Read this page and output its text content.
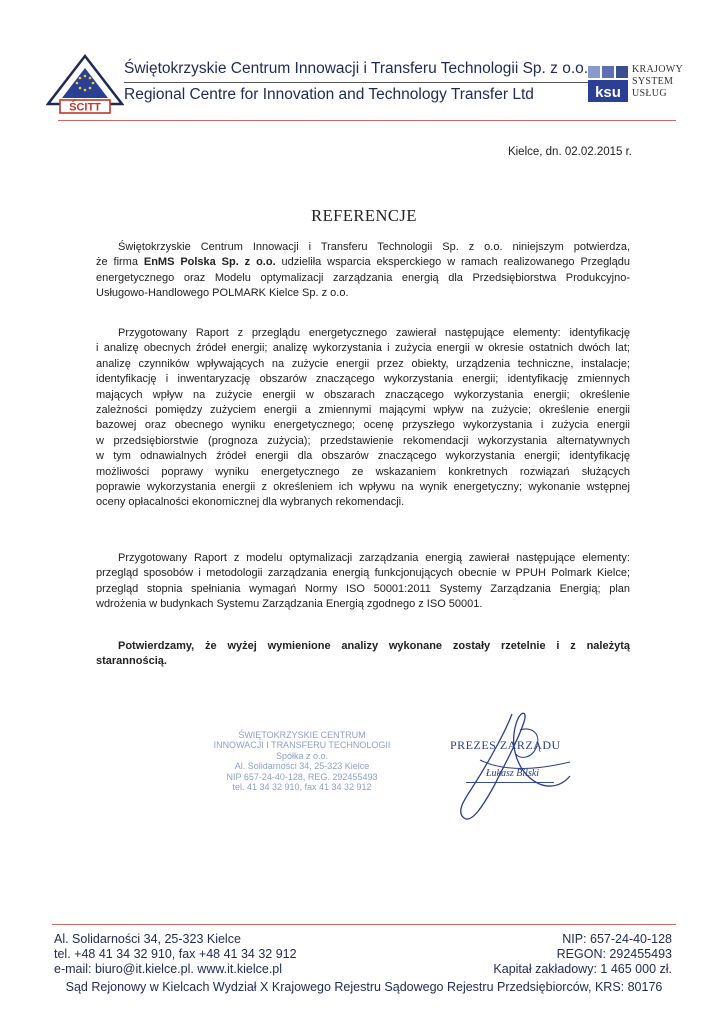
ŚCITT
Świętokrzyskie Centrum Innowacji i Transferu Technologii Sp. z o.o.
Regional Centre for Innovation and Technology Transfer Ltd	ksu
KRAJOWY
SYSTEM
USŁUG
Kielce, dn. 02.02.2015 r.
REFERENCJE
Świętokrzyskie Centrum Innowacji i Transferu Technologii Sp. z o.o. niniejszym potwierdza,
że firma EnMS Polska Sp. z o.o. udzieliła wsparcia eksperckiego w ramach realizowanego Przeglądu
energetycznego oraz Modelu optymalizacji zarządzania energią dla Przedsiębiorstwa Produkcyjno-
Usługowo-Handlowego POLMARK Kielce Sp. z o.o.
Przygotowany Raport z przeglądu energetycznego zawierał następujące elementy: identyfikację
i analizę obecnych źródeł energii; analizę wykorzystania i zużycia energii w okresie ostatnich dwóch lat;
analizę czynników wpływających na zużycie energii przez obiekty, urządzenia techniczne, instalacje;
identyfikację i inwentaryzację obszarów znaczącego wykorzystania energii; identyfikację zmiennych
mających wpływ na zużycie energii w obszarach znaczącego wykorzystania energii; określenie
zależności pomiędzy zużyciem energii a zmiennymi mającymi wpływ na zużycie; określenie energii
bazowej oraz obecnego wyniku energetycznego; ocenę przyszłego wykorzystania i zużycia energii
w przedsiębiorstwie (prognoza zużycia); przedstawienie rekomendacji wykorzystania alternatywnych
w tym odnawialnych źródeł energii dla obszarów znaczącego wykorzystania energii; identyfikację
możliwości poprawy wyniku energetycznego ze wskazaniem konkretnych rozwiązań służących
poprawie wykorzystania energii z określeniem ich wpływu na wynik energetyczny; wykonanie wstępnej
oceny opłacalności ekonomicznej dla wybranych rekomendacji.
Przygotowany Raport z modelu optymalizacji zarządzania energią zawierał następujące elementy:
przegląd sposobów i metodologii zarządzania energią funkcjonujących obecnie w PPUH Polmark Kielce;
przegląd stopnia spełniania wymagań Normy ISO 50001:2011 Systemy Zarządzania Energią; plan
wdrożenia w budynkach Systemu Zarządzania Energią zgodnego z ISO 50001.
Potwierdzamy, że wyżej wymienione analizy wykonane zostały rzetelnie i z należytą
starannością.
ŚWIĘTOKRZYSKIE CENTRUM
INNOWACJI I TRANSFERU TECHNOLOGII
Spółka z o.o.
Al. Solidarności 34, 25-323 Kielce
NIP 657-24-40-128, REG. 292455493
tel. 41 34 32 910, fax 41 34 32 912
PREZES ZARZĄDU
Łukasz Bilski
Al. Solidarności 34, 25-323 Kielce
tel. +48 41 34 32 910, fax +48 41 34 32 912
e-mail: biuro@it.kielce.pl. www.it.kielce.pl
NIP: 657-24-40-128
REGON: 292455493
Kapitał zakładowy: 1 465 000 zł.
Sąd Rejonowy w Kielcach Wydział X Krajowego Rejestru Sądowego Rejestru Przedsiębiorców, KRS: 80176
